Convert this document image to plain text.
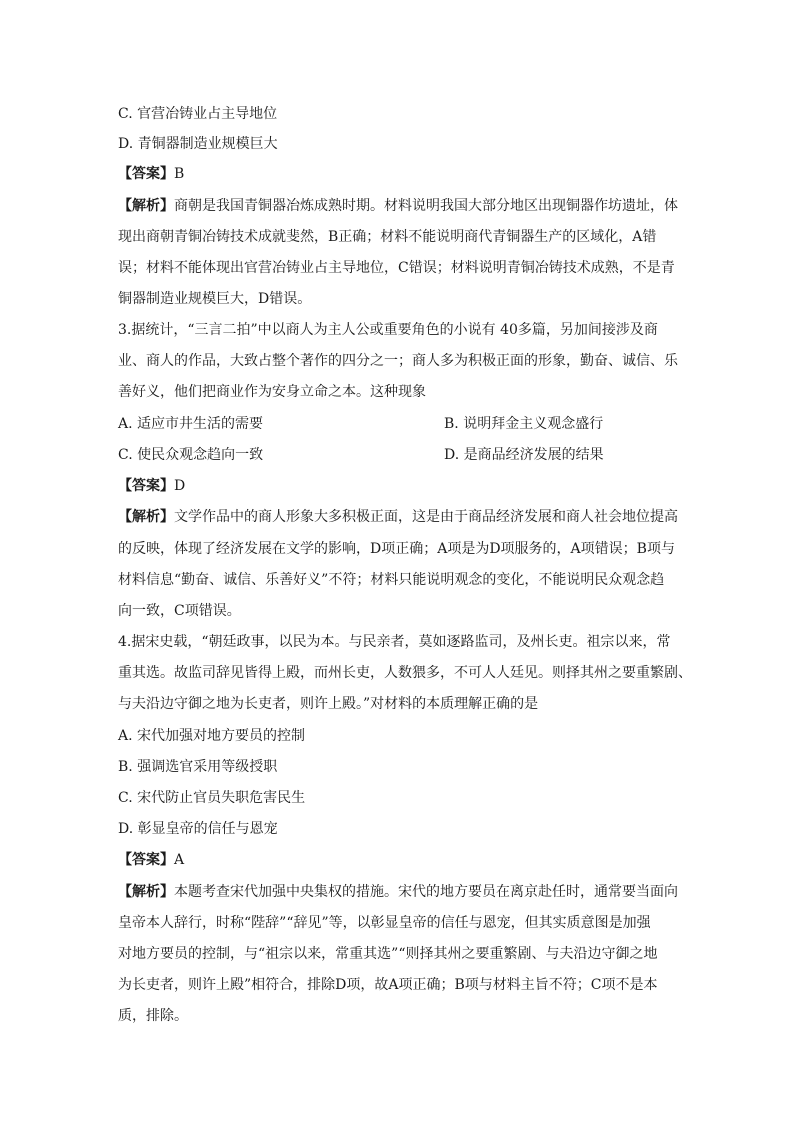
C. 官营冶铸业占主导地位
D. 青铜器制造业规模巨大
【答案】B
【解析】商朝是我国青铜器冶炼成熟时期。材料说明我国大部分地区出现铜器作坊遗址，体
现出商朝青铜冶铸技术成就斐然，B正确；材料不能说明商代青铜器生产的区域化，A错
误；材料不能体现出官营冶铸业占主导地位，C错误；材料说明青铜冶铸技术成熟，不是青
铜器制造业规模巨大，D错误。
3.据统计，“三言二拍”中以商人为主人公或重要角色的小说有 40多篇，另加间接涉及商
业、商人的作品，大致占整个著作的四分之一；商人多为积极正面的形象，勤奋、诚信、乐
善好义，他们把商业作为安身立命之本。这种现象
A. 适应市井生活的需要	B. 说明拜金主义观念盛行
C. 使民众观念趋向一致	D. 是商品经济发展的结果
【答案】D
【解析】文学作品中的商人形象大多积极正面，这是由于商品经济发展和商人社会地位提高
的反映，体现了经济发展在文学的影响，D项正确；A项是为D项服务的，A项错误；B项与
材料信息“勤奋、诚信、乐善好义”不符；材料只能说明观念的变化，不能说明民众观念趋
向一致，C项错误。
4.据宋史载，“朝廷政事，以民为本。与民亲者，莫如逐路监司，及州长吏。祖宗以来，常
重其选。故监司辞见皆得上殿，而州长吏，人数猥多，不可人人廷见。则择其州之要重繁剧、
与夫沿边守御之地为长吏者，则许上殿。”对材料的本质理解正确的是
A. 宋代加强对地方要员的控制
B. 强调选官采用等级授职
C. 宋代防止官员失职危害民生
D. 彰显皇帝的信任与恩宠
【答案】A
【解析】本题考查宋代加强中央集权的措施。宋代的地方要员在离京赴任时，通常要当面向
皇帝本人辞行，时称“陛辞”“辞见”等，以彰显皇帝的信任与恩宠，但其实质意图是加强
对地方要员的控制，与“祖宗以来，常重其选”“则择其州之要重繁剧、与夫沿边守御之地
为长吏者，则许上殿”相符合，排除D项，故A项正确；B项与材料主旨不符；C项不是本
质，排除。
